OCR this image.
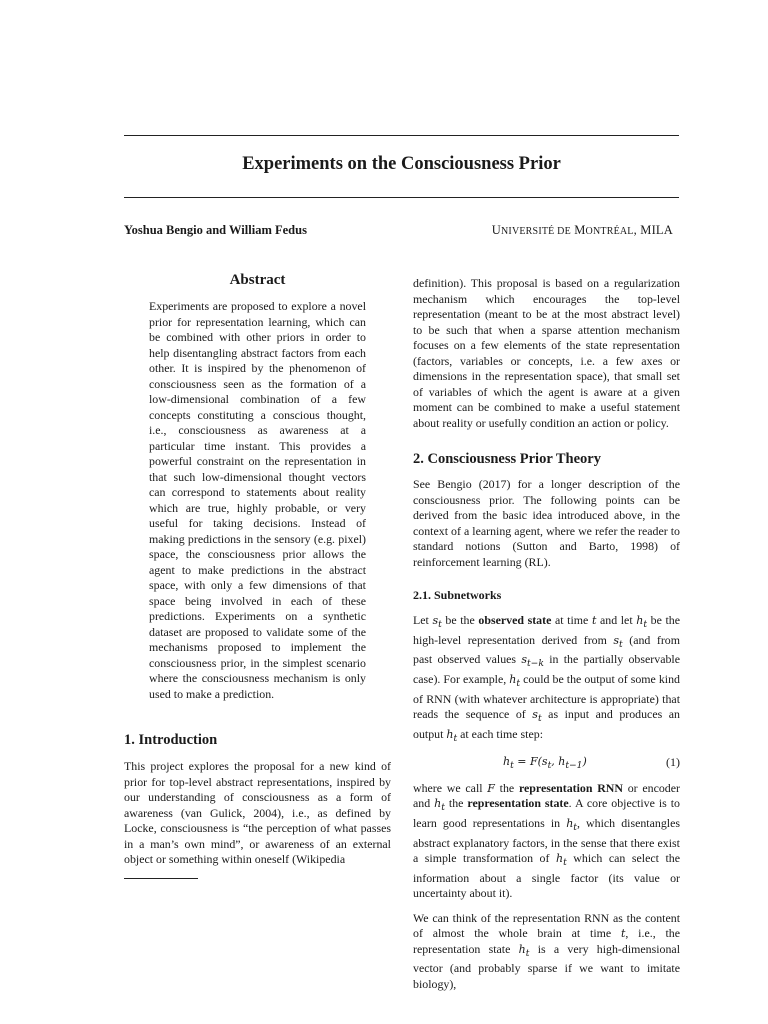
Experiments on the Consciousness Prior
Yoshua Bengio and William Fedus	UNIVERSITÉ DE MONTRÉAL, MILA
Abstract

Experiments are proposed to explore a novel prior for representation learning, which can be combined with other priors in order to help disentangling abstract factors from each other. It is inspired by the phenomenon of consciousness seen as the formation of a low-dimensional combination of a few concepts constituting a conscious thought, i.e., consciousness as awareness at a particular time instant. This provides a powerful constraint on the representation in that such low-dimensional thought vectors can correspond to statements about reality which are true, highly probable, or very useful for taking decisions. Instead of making predictions in the sensory (e.g. pixel) space, the consciousness prior allows the agent to make predictions in the abstract space, with only a few dimensions of that space being involved in each of these predictions. Experiments on a synthetic dataset are proposed to validate some of the mechanisms proposed to implement the consciousness prior, in the simplest scenario where the consciousness mechanism is only used to make a prediction.

1. Introduction

This project explores the proposal for a new kind of prior for top-level abstract representations, inspired by our understanding of consciousness as a form of awareness (van Gulick, 2004), i.e., as defined by Locke, consciousness is “the perception of what passes in a man’s own mind”, or awareness of an external object or something within oneself (Wikipedia

definition). This proposal is based on a regularization mechanism which encourages the top-level representation (meant to be at the most abstract level) to be such that when a sparse attention mechanism focuses on a few elements of the state representation (factors, variables or concepts, i.e. a few axes or dimensions in the representation space), that small set of variables of which the agent is aware at a given moment can be combined to make a useful statement about reality or usefully condition an action or policy.

2. Consciousness Prior Theory

See Bengio (2017) for a longer description of the consciousness prior. The following points can be derived from the basic idea introduced above, in the context of a learning agent, where we refer the reader to standard notions (Sutton and Barto, 1998) of reinforcement learning (RL).

2.1. Subnetworks

Let $s_t$ be the observed state at time t and let $h_t$ be the high-level representation derived from $s_t$ (and from past observed values $s_{t-k}$ in the partially observable case). For example, $h_t$ could be the output of some kind of RNN (with whatever architecture is appropriate) that reads the sequence of $s_t$ as input and produces an output $h_t$ at each time step:

$h_t = F(s_t$, $h_{t-1}$)	(1)

where we call F the representation RNN or encoder and $h_t$ the representation state. A core objective is to learn good representations in $h_t$, which disentangles abstract explanatory factors, in the sense that there exist a simple transformation of $h_t$ which can select the information about a single factor (its value or uncertainty about it).

We can think of the representation RNN as the content of almost the whole brain at time t, i.e., the representation state $h_t$ is a very high-dimensional vector (and probably sparse if we want to imitate biology),
